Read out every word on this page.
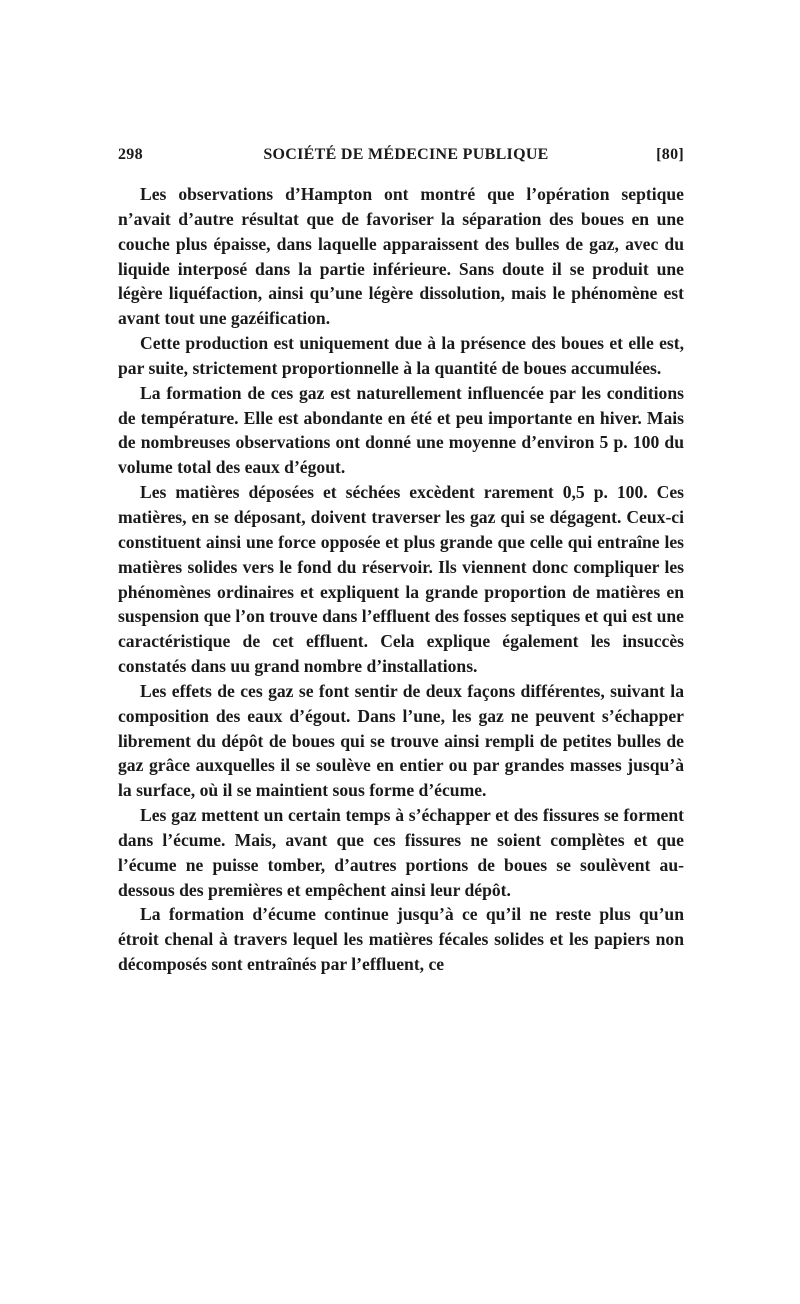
298	SOCIÉTÉ DE MÉDECINE PUBLIQUE	[80]

Les observations d’Hampton ont montré que l’opération septique n’avait d’autre résultat que de favoriser la séparation des boues en une couche plus épaisse, dans laquelle apparaissent des bulles de gaz, avec du liquide interposé dans la partie inférieure. Sans doute il se produit une légère liquéfaction, ainsi qu’une légère dissolution, mais le phénomène est avant tout une gazéification.

Cette production est uniquement due à la présence des boues et elle est, par suite, strictement proportionnelle à la quantité de boues accumulées.

La formation de ces gaz est naturellement influencée par les conditions de température. Elle est abondante en été et peu importante en hiver. Mais de nombreuses observations ont donné une moyenne d’environ 5 p. 100 du volume total des eaux d’égout.

Les matières déposées et séchées excèdent rarement 0,5 p. 100. Ces matières, en se déposant, doivent traverser les gaz qui se dégagent. Ceux-ci constituent ainsi une force opposée et plus grande que celle qui entraîne les matières solides vers le fond du réservoir. Ils viennent donc compliquer les phénomènes ordinaires et expliquent la grande proportion de matières en suspension que l’on trouve dans l’effluent des fosses septiques et qui est une caractéristique de cet effluent. Cela explique également les insuccès constatés dans uu grand nombre d’installations.

Les effets de ces gaz se font sentir de deux façons différentes, suivant la composition des eaux d’égout. Dans l’une, les gaz ne peuvent s’échapper librement du dépôt de boues qui se trouve ainsi rempli de petites bulles de gaz grâce auxquelles il se soulève en entier ou par grandes masses jusqu’à la surface, où il se maintient sous forme d’écume.

Les gaz mettent un certain temps à s’échapper et des fissures se forment dans l’écume. Mais, avant que ces fissures ne soient complètes et que l’écume ne puisse tomber, d’autres portions de boues se soulèvent au-dessous des premières et empêchent ainsi leur dépôt.

La formation d’écume continue jusqu’à ce qu’il ne reste plus qu’un étroit chenal à travers lequel les matières fécales solides et les papiers non décomposés sont entraînés par l’effluent, ce
